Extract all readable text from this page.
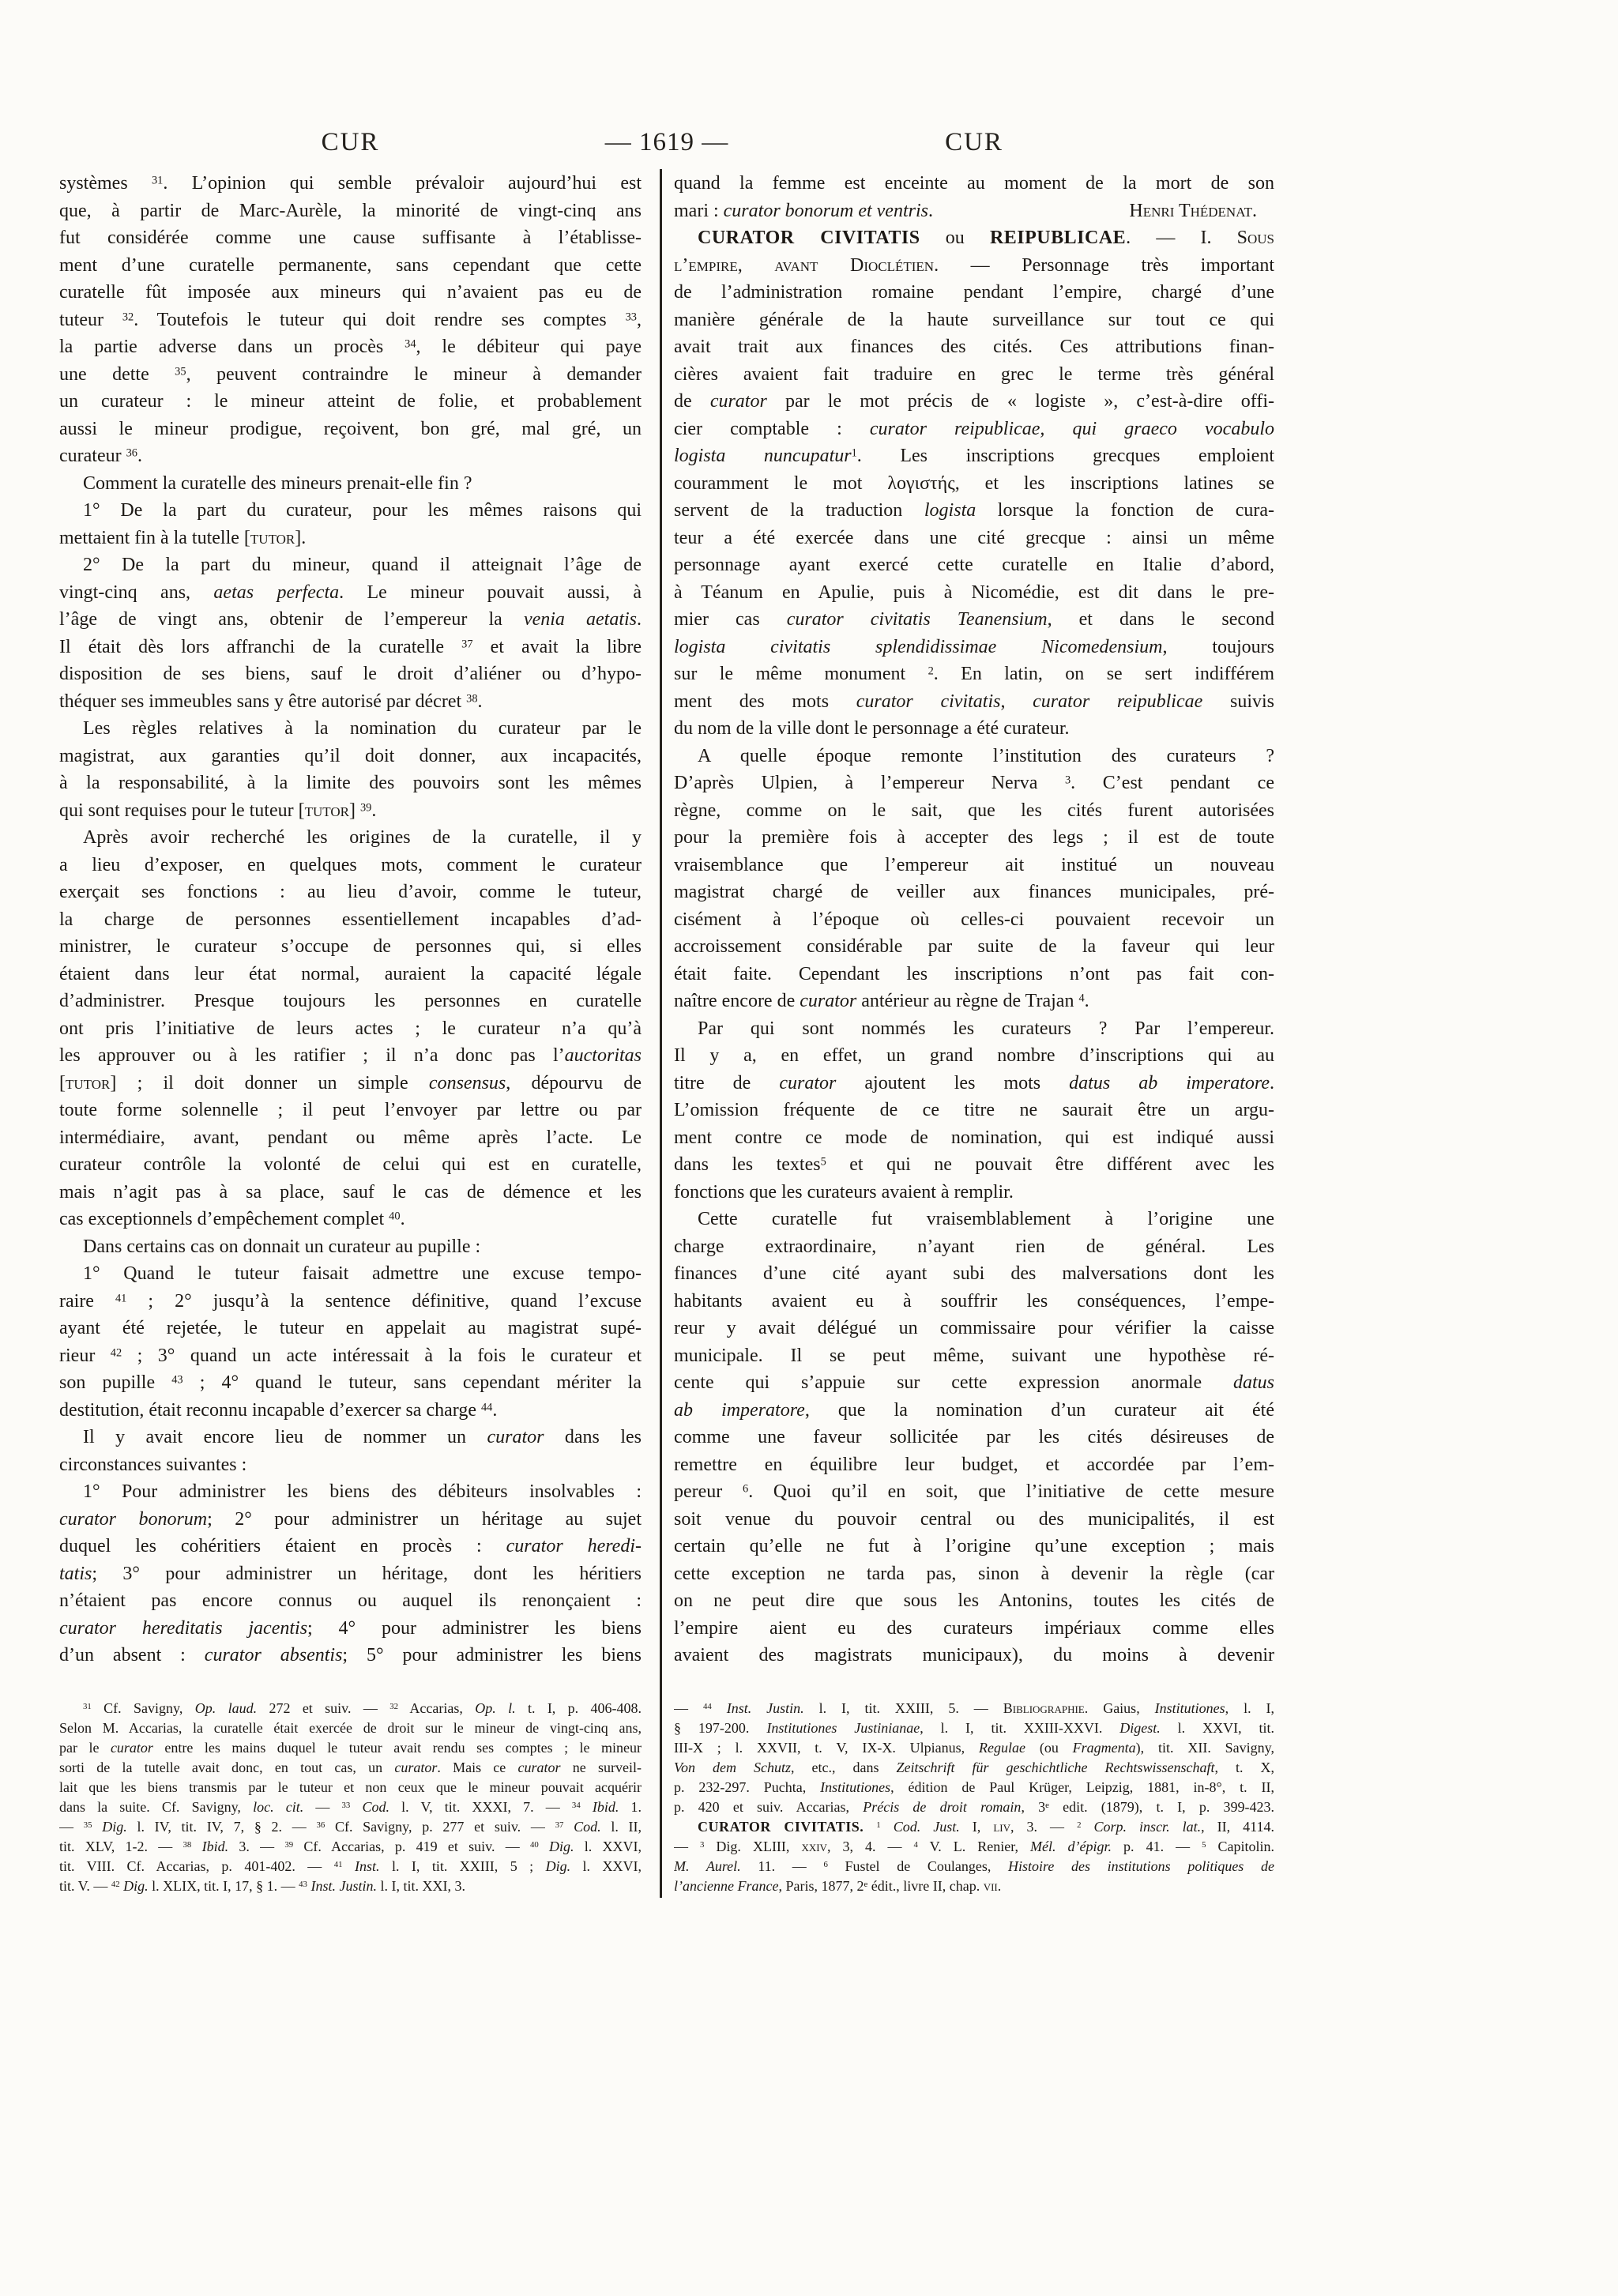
CUR	— 1619 —	CUR
systèmes $^{31}$. L’opinion qui semble prévaloir aujourd’hui est
que, à partir de Marc-Aurèle, la minorité de vingt-cinq ans
fut considérée comme une cause suffisante à l’établisse-
ment d’une curatelle permanente, sans cependant que cette
curatelle fût imposée aux mineurs qui n’avaient pas eu de
tuteur $^{32}$. Toutefois le tuteur qui doit rendre ses comptes $^{33}$,
la partie adverse dans un procès $^{34}$, le débiteur qui paye
une dette $^{35}$, peuvent contraindre le mineur à demander
un curateur : le mineur atteint de folie, et probablement
aussi le mineur prodigue, reçoivent, bon gré, mal gré, un
curateur $^{36}$.
Comment la curatelle des mineurs prenait-elle fin ?
1° De la part du curateur, pour les mêmes raisons qui
mettaient fin à la tutelle [tutor].
2° De la part du mineur, quand il atteignait l’âge de
vingt-cinq ans, aetas perfecta. Le mineur pouvait aussi, à
l’âge de vingt ans, obtenir de l’empereur la venia aetatis.
Il était dès lors affranchi de la curatelle $^{37}$ et avait la libre
disposition de ses biens, sauf le droit d’aliéner ou d’hypo-
théquer ses immeubles sans y être autorisé par décret $^{38}$.
Les règles relatives à la nomination du curateur par le
magistrat, aux garanties qu’il doit donner, aux incapacités,
à la responsabilité, à la limite des pouvoirs sont les mêmes
qui sont requises pour le tuteur [tutor] $^{39}$.
Après avoir recherché les origines de la curatelle, il y
a lieu d’exposer, en quelques mots, comment le curateur
exerçait ses fonctions : au lieu d’avoir, comme le tuteur,
la charge de personnes essentiellement incapables d’ad-
ministrer, le curateur s’occupe de personnes qui, si elles
étaient dans leur état normal, auraient la capacité légale
d’administrer. Presque toujours les personnes en curatelle
ont pris l’initiative de leurs actes ; le curateur n’a qu’à
les approuver ou à les ratifier ; il n’a donc pas l’auctoritas
[tutor] ; il doit donner un simple consensus, dépourvu de
toute forme solennelle ; il peut l’envoyer par lettre ou par
intermédiaire, avant, pendant ou même après l’acte. Le
curateur contrôle la volonté de celui qui est en curatelle,
mais n’agit pas à sa place, sauf le cas de démence et les
cas exceptionnels d’empêchement complet $^{40}$.
Dans certains cas on donnait un curateur au pupille :
1° Quand le tuteur faisait admettre une excuse tempo-
raire $^{41}$ ; 2° jusqu’à la sentence définitive, quand l’excuse
ayant été rejetée, le tuteur en appelait au magistrat supé-
rieur $^{42}$ ; 3° quand un acte intéressait à la fois le curateur et
son pupille $^{43}$ ; 4° quand le tuteur, sans cependant mériter la
destitution, était reconnu incapable d’exercer sa charge $^{44}$.
Il y avait encore lieu de nommer un curator dans les
circonstances suivantes :
1° Pour administrer les biens des débiteurs insolvables :
curator bonorum; 2° pour administrer un héritage au sujet
duquel les cohéritiers étaient en procès : curator heredi-
tatis; 3° pour administrer un héritage, dont les héritiers
n’étaient pas encore connus ou auquel ils renonçaient :
curator hereditatis jacentis; 4° pour administrer les biens
d’un absent : curator absentis; 5° pour administrer les biens
quand la femme est enceinte au moment de la mort de son
mari : curator bonorum et ventris.	Henri Thédenat.
CURATOR CIVITATIS ou REIPUBLICAE. — I. Sous
l’empire, avant Dioclétien. — Personnage très important
de l’administration romaine pendant l’empire, chargé d’une
manière générale de la haute surveillance sur tout ce qui
avait trait aux finances des cités. Ces attributions finan-
cières avaient fait traduire en grec le terme très général
de curator par le mot précis de « logiste », c’est-à-dire offi-
cier comptable : curator reipublicae, qui graeco vocabulo
logista nuncupatur$^1$. Les inscriptions grecques emploient
couramment le mot λογιστής, et les inscriptions latines se
servent de la traduction logista lorsque la fonction de cura-
teur a été exercée dans une cité grecque : ainsi un même
personnage ayant exercé cette curatelle en Italie d’abord,
à Téanum en Apulie, puis à Nicomédie, est dit dans le pre-
mier cas curator civitatis Teanensium, et dans le second
logista civitatis splendidissimae Nicomedensium, toujours
sur le même monument $^2$. En latin, on se sert indifférem
ment des mots curator civitatis, curator reipublicae suivis
du nom de la ville dont le personnage a été curateur.
A quelle époque remonte l’institution des curateurs ?
D’après Ulpien, à l’empereur Nerva $^3$. C’est pendant ce
règne, comme on le sait, que les cités furent autorisées
pour la première fois à accepter des legs ; il est de toute
vraisemblance que l’empereur ait institué un nouveau
magistrat chargé de veiller aux finances municipales, pré-
cisément à l’époque où celles-ci pouvaient recevoir un
accroissement considérable par suite de la faveur qui leur
était faite. Cependant les inscriptions n’ont pas fait con-
naître encore de curator antérieur au règne de Trajan $^4$.
Par qui sont nommés les curateurs ? Par l’empereur.
Il y a, en effet, un grand nombre d’inscriptions qui au
titre de curator ajoutent les mots datus ab imperatore.
L’omission fréquente de ce titre ne saurait être un argu-
ment contre ce mode de nomination, qui est indiqué aussi
dans les textes$^5$ et qui ne pouvait être différent avec les
fonctions que les curateurs avaient à remplir.
Cette curatelle fut vraisemblablement à l’origine une
charge extraordinaire, n’ayant rien de général. Les
finances d’une cité ayant subi des malversations dont les
habitants avaient eu à souffrir les conséquences, l’empe-
reur y avait délégué un commissaire pour vérifier la caisse
municipale. Il se peut même, suivant une hypothèse ré-
cente qui s’appuie sur cette expression anormale datus
ab imperatore, que la nomination d’un curateur ait été
comme une faveur sollicitée par les cités désireuses de
remettre en équilibre leur budget, et accordée par l’em-
pereur $^6$. Quoi qu’il en soit, que l’initiative de cette mesure
soit venue du pouvoir central ou des municipalités, il est
certain qu’elle ne fut à l’origine qu’une exception ; mais
cette exception ne tarda pas, sinon à devenir la règle (car
on ne peut dire que sous les Antonins, toutes les cités de
l’empire aient eu des curateurs impériaux comme elles
avaient des magistrats municipaux), du moins à devenir
$^{31}$ Cf. Savigny, Op. laud. 272 et suiv. — $^{32}$ Accarias, Op. l. t. I, p. 406-408.
Selon M. Accarias, la curatelle était exercée de droit sur le mineur de vingt-cinq ans,
par le curator entre les mains duquel le tuteur avait rendu ses comptes ; le mineur
sorti de la tutelle avait donc, en tout cas, un curator. Mais ce curator ne surveil-
lait que les biens transmis par le tuteur et non ceux que le mineur pouvait acquérir
dans la suite. Cf. Savigny, loc. cit. — $^{33}$ Cod. l. V, tit. XXXI, 7. — $^{34}$ Ibid. 1.
— $^{35}$ Dig. l. IV, tit. IV, 7, § 2. — $^{36}$ Cf. Savigny, p. 277 et suiv. — $^{37}$ Cod. l. II,
tit. XLV, 1-2. — $^{38}$ Ibid. 3. — $^{39}$ Cf. Accarias, p. 419 et suiv. — $^{40}$ Dig. l. XXVI,
tit. VIII. Cf. Accarias, p. 401-402. — $^{41}$ Inst. l. I, tit. XXIII, 5 ; Dig. l. XXVI,
tit. V. — $^{42}$ Dig. l. XLIX, tit. I, 17, § 1. — $^{43}$ Inst. Justin. l. I, tit. XXI, 3.
— $^{44}$ Inst. Justin. l. I, tit. XXIII, 5. — Bibliographie. Gaius, Institutiones, l. I,
§ 197-200. Institutiones Justinianae, l. I, tit. XXIII-XXVI. Digest. l. XXVI, tit.
III-X ; l. XXVII, t. V, IX-X. Ulpianus, Regulae (ou Fragmenta), tit. XII. Savigny,
Von dem Schutz, etc., dans Zeitschrift für geschichtliche Rechtswissenschaft, t. X,
p. 232-297. Puchta, Institutiones, édition de Paul Krüger, Leipzig, 1881, in-8°, t. II,
p. 420 et suiv. Accarias, Précis de droit romain, 3e edit. (1879), t. I, p. 399-423.
CURATOR CIVITATIS. $^1$ Cod. Just. I, liv, 3. — $^2$ Corp. inscr. lat., II, 4114.
— $^3$ Dig. XLIII, xxiv, 3, 4. — $^4$ V. L. Renier, Mél. d’épigr. p. 41. — $^5$ Capitolin.
M. Aurel. 11. — $^6$ Fustel de Coulanges, Histoire des institutions politiques de
l’ancienne France, Paris, 1877, 2e édit., livre II, chap. vii.
